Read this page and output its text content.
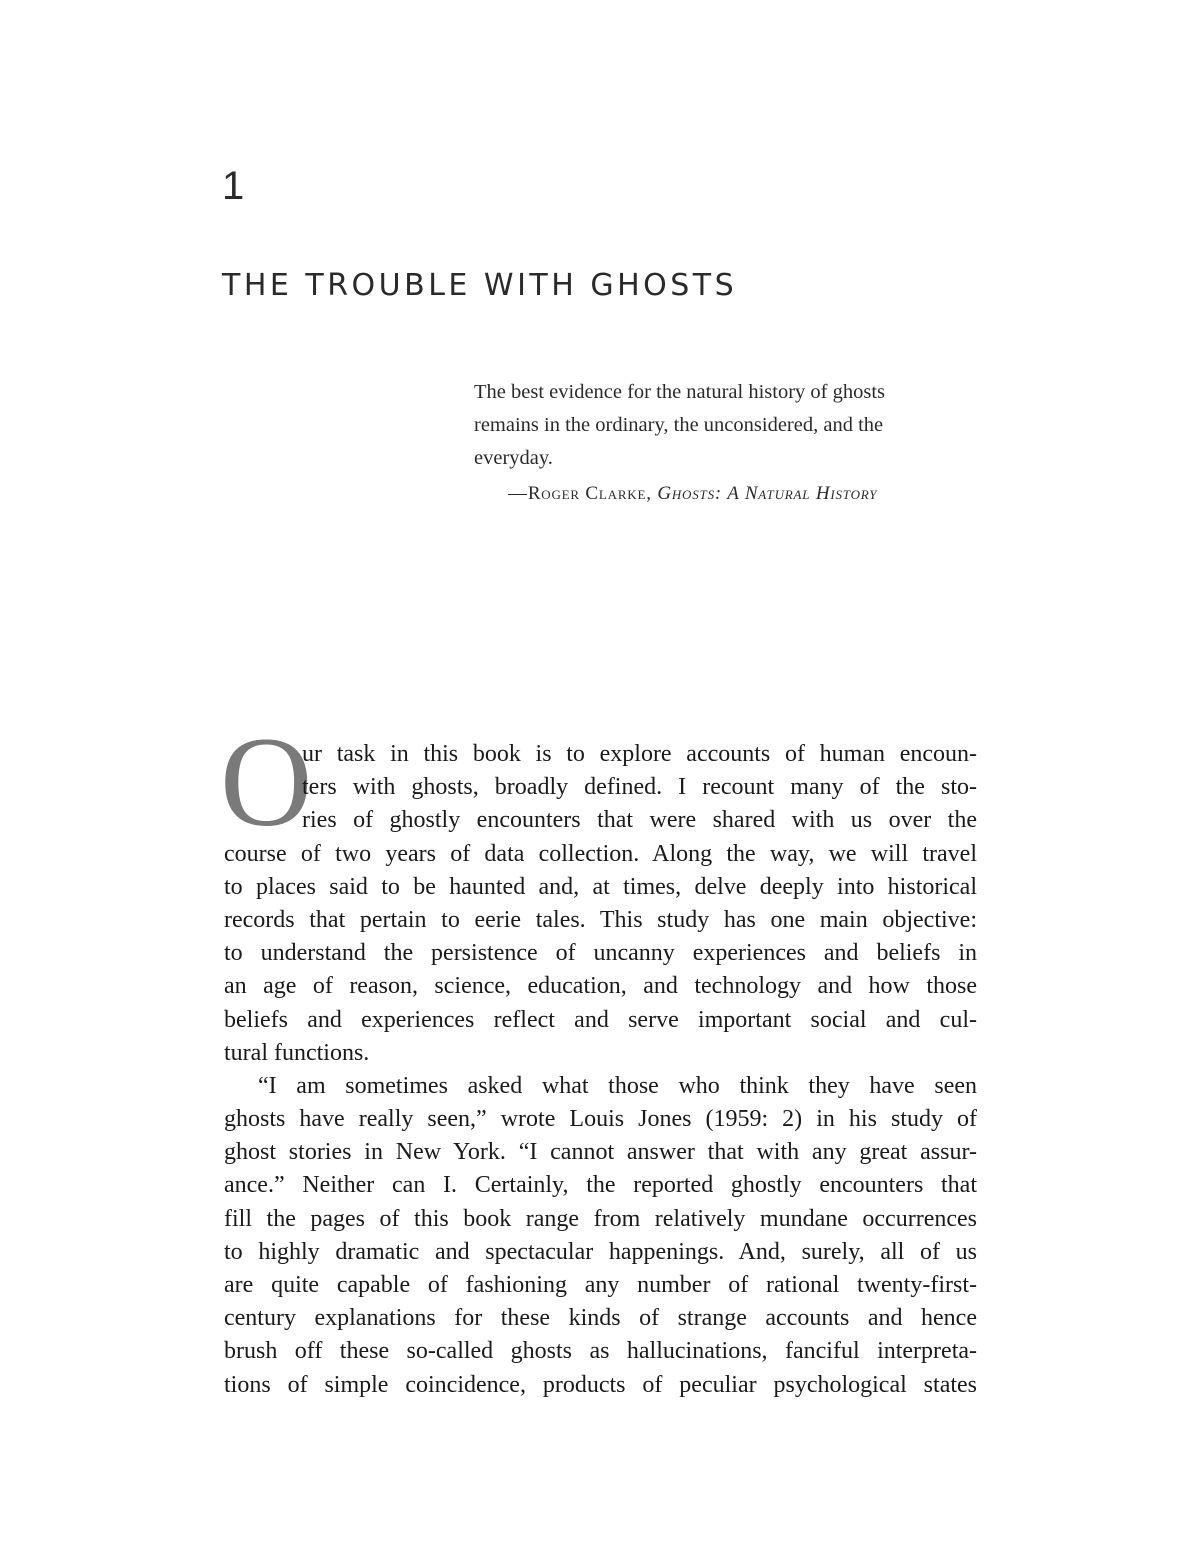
1
THE TROUBLE WITH GHOSTS
The best evidence for the natural history of ghosts
remains in the ordinary, the unconsidered, and the
everyday.
—Roger Clarke, Ghosts: A Natural History
O
ur task in this book is to explore accounts of human encoun-
ters with ghosts, broadly defined. I recount many of the sto-
ries of ghostly encounters that were shared with us over the
course of two years of data collection. Along the way, we will travel
to places said to be haunted and, at times, delve deeply into historical
records that pertain to eerie tales. This study has one main objective:
to understand the persistence of uncanny experiences and beliefs in
an age of reason, science, education, and technology and how those
beliefs and experiences reflect and serve important social and cul-
tural functions.
“I am sometimes asked what those who think they have seen
ghosts have really seen,” wrote Louis Jones (1959: 2) in his study of
ghost stories in New York. “I cannot answer that with any great assur-
ance.” Neither can I. Certainly, the reported ghostly encounters that
fill the pages of this book range from relatively mundane occurrences
to highly dramatic and spectacular happenings. And, surely, all of us
are quite capable of fashioning any number of rational twenty-first-
century explanations for these kinds of strange accounts and hence
brush off these so-called ghosts as hallucinations, fanciful interpreta-
tions of simple coincidence, products of peculiar psychological states
